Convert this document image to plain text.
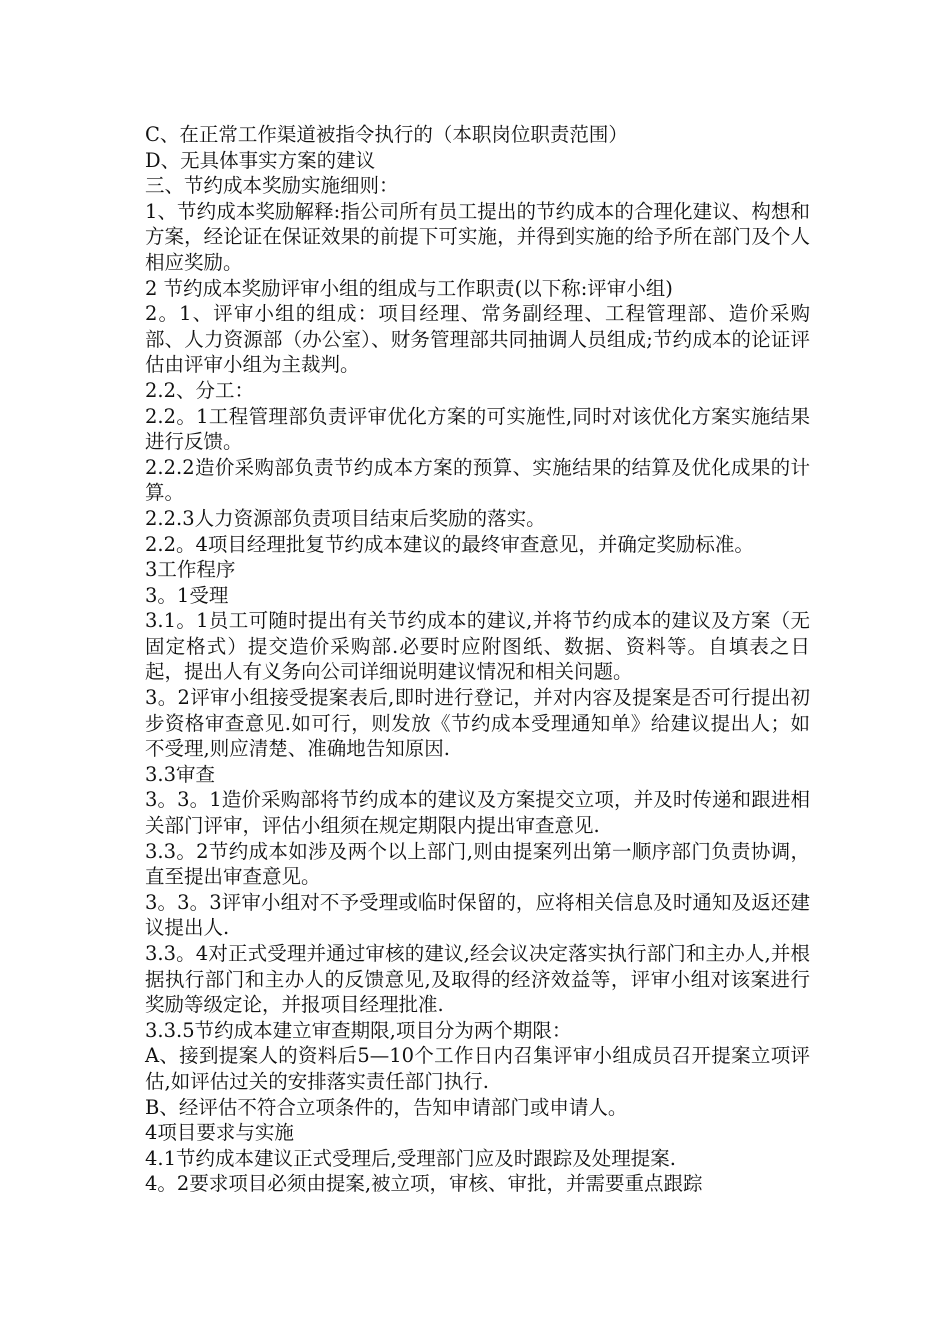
C、在正常工作渠道被指令执行的（本职岗位职责范围）

D、无具体事实方案的建议

三、节约成本奖励实施细则：

1、节约成本奖励解释:指公司所有员工提出的节约成本的合理化建议、构想和方案，经论证在保证效果的前提下可实施，并得到实施的给予所在部门及个人相应奖励。

2 节约成本奖励评审小组的组成与工作职责(以下称:评审小组)

2。1、评审小组的组成：项目经理、常务副经理、工程管理部、造价采购部、人力资源部（办公室）、财务管理部共同抽调人员组成;节约成本的论证评估由评审小组为主裁判。

2.2、分工：

2.2。1工程管理部负责评审优化方案的可实施性,同时对该优化方案实施结果进行反馈。

2.2.2造价采购部负责节约成本方案的预算、实施结果的结算及优化成果的计算。

2.2.3人力资源部负责项目结束后奖励的落实。

2.2。4项目经理批复节约成本建议的最终审查意见，并确定奖励标准。

3工作程序

3。1受理

3.1。1员工可随时提出有关节约成本的建议,并将节约成本的建议及方案（无固定格式）提交造价采购部.必要时应附图纸、数据、资料等。自填表之日起，提出人有义务向公司详细说明建议情况和相关问题。

3。2评审小组接受提案表后,即时进行登记，并对内容及提案是否可行提出初步资格审查意见.如可行，则发放《节约成本受理通知单》给建议提出人；如不受理,则应清楚、准确地告知原因.

3.3审查

3。3。1造价采购部将节约成本的建议及方案提交立项，并及时传递和跟进相关部门评审，评估小组须在规定期限内提出审查意见.

3.3。2节约成本如涉及两个以上部门,则由提案列出第一顺序部门负责协调，直至提出审查意见。

3。3。3评审小组对不予受理或临时保留的，应将相关信息及时通知及返还建议提出人.

3.3。4对正式受理并通过审核的建议,经会议决定落实执行部门和主办人,并根据执行部门和主办人的反馈意见,及取得的经济效益等，评审小组对该案进行奖励等级定论，并报项目经理批准.

3.3.5节约成本建立审查期限,项目分为两个期限：

A、接到提案人的资料后5—10个工作日内召集评审小组成员召开提案立项评估,如评估过关的安排落实责任部门执行.

B、经评估不符合立项条件的，告知申请部门或申请人。

4项目要求与实施

4.1节约成本建议正式受理后,受理部门应及时跟踪及处理提案.

4。2要求项目必须由提案,被立项，审核、审批，并需要重点跟踪
